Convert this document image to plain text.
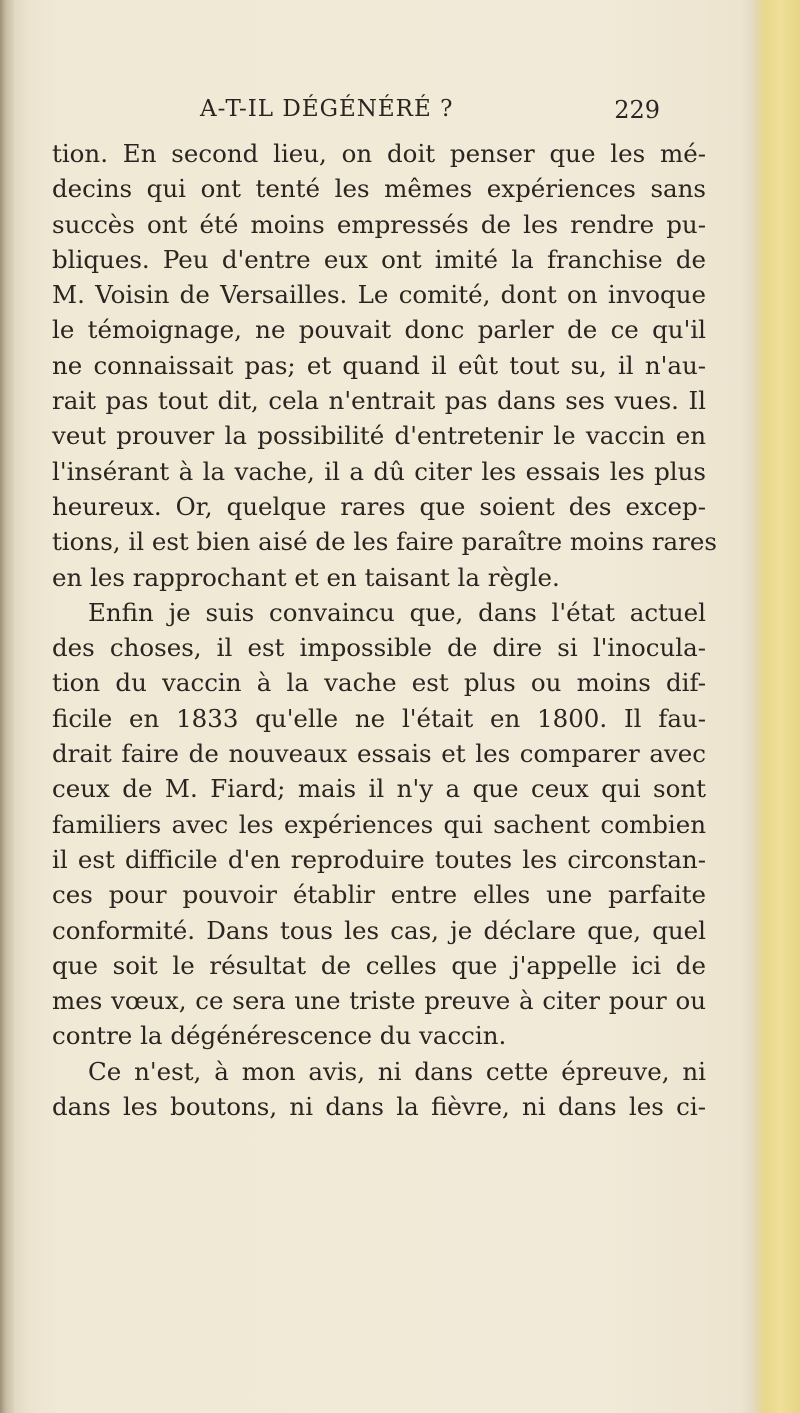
A-T-IL DÉGÉNÉRÉ ?	229
tion. En second lieu, on doit penser que les mé-
decins qui ont tenté les mêmes expériences sans
succès ont été moins empressés de les rendre pu-
bliques. Peu d'entre eux ont imité la franchise de
M. Voisin de Versailles. Le comité, dont on invoque
le témoignage, ne pouvait donc parler de ce qu'il
ne connaissait pas; et quand il eût tout su, il n'au-
rait pas tout dit, cela n'entrait pas dans ses vues. Il
veut prouver la possibilité d'entretenir le vaccin en
l'insérant à la vache, il a dû citer les essais les plus
heureux. Or, quelque rares que soient des excep-
tions, il est bien aisé de les faire paraître moins rares
en les rapprochant et en taisant la règle.
Enfin je suis convaincu que, dans l'état actuel
des choses, il est impossible de dire si l'inocula-
tion du vaccin à la vache est plus ou moins dif-
ficile en 1833 qu'elle ne l'était en 1800. Il fau-
drait faire de nouveaux essais et les comparer avec
ceux de M. Fiard; mais il n'y a que ceux qui sont
familiers avec les expériences qui sachent combien
il est difficile d'en reproduire toutes les circonstan-
ces pour pouvoir établir entre elles une parfaite
conformité. Dans tous les cas, je déclare que, quel
que soit le résultat de celles que j'appelle ici de
mes vœux, ce sera une triste preuve à citer pour ou
contre la dégénérescence du vaccin.
Ce n'est, à mon avis, ni dans cette épreuve, ni
dans les boutons, ni dans la fièvre, ni dans les ci-
